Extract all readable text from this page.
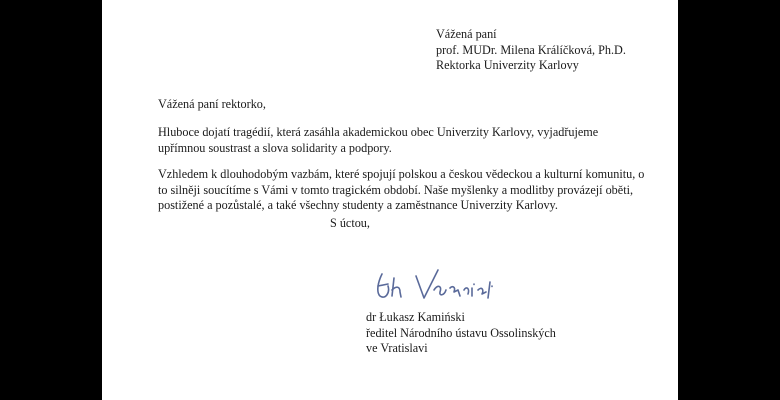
Vážená paní
prof. MUDr. Milena Králíčková, Ph.D.
Rektorka Univerzity Karlovy
Vážená paní rektorko,
Hluboce dojatí tragédií, která zasáhla akademickou obec Univerzity Karlovy, vyjadřujeme
upřímnou soustrast a slova solidarity a podpory.
Vzhledem k dlouhodobým vazbám, které spojují polskou a českou vědeckou a kulturní komunitu, o
to silněji soucítíme s Vámi v tomto tragickém období. Naše myšlenky a modlitby provázejí oběti,
postižené a pozůstalé, a také všechny studenty a zaměstnance Univerzity Karlovy.
S úctou,
dr Łukasz Kamiński
ředitel Národního ústavu Ossolinských
ve Vratislavi
